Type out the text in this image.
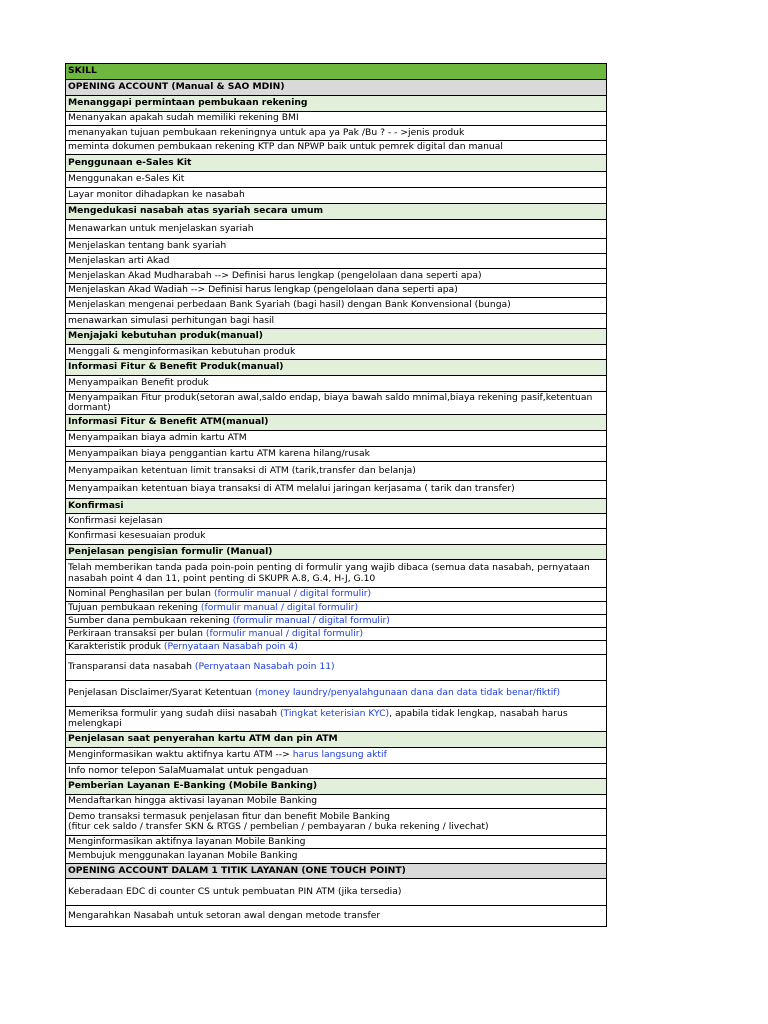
SKILL
OPENING ACCOUNT (Manual & SAO MDIN)
Menanggapi permintaan pembukaan rekening
Menanyakan apakah sudah memiliki rekening BMI
menanyakan tujuan pembukaan rekeningnya untuk apa ya Pak /Bu ? - - >jenis produk
meminta dokumen pembukaan rekening KTP dan NPWP baik untuk pemrek digital dan manual
Penggunaan e-Sales Kit
Menggunakan e-Sales Kit
Layar monitor dihadapkan ke nasabah
Mengedukasi nasabah atas syariah secara umum
Menawarkan untuk menjelaskan syariah
Menjelaskan tentang bank syariah
Menjelaskan arti Akad
Menjelaskan Akad Mudharabah --> Definisi harus lengkap (pengelolaan dana seperti apa)
Menjelaskan Akad Wadiah --> Definisi harus lengkap (pengelolaan dana seperti apa)
Menjelaskan mengenai perbedaan Bank Syariah (bagi hasil) dengan Bank Konvensional (bunga)
menawarkan simulasi perhitungan bagi hasil
Menjajaki kebutuhan produk(manual)
Menggali & menginformasikan kebutuhan produk
Informasi Fitur & Benefit Produk(manual)
Menyampaikan Benefit produk
Menyampaikan Fitur produk(setoran awal,saldo endap, biaya bawah saldo mnimal,biaya rekening pasif,ketentuan dormant)
Informasi Fitur & Benefit ATM(manual)
Menyampaikan biaya admin kartu ATM
Menyampaikan biaya penggantian kartu ATM karena hilang/rusak
Menyampaikan ketentuan limit transaksi di ATM (tarik,transfer dan belanja)
Menyampaikan ketentuan biaya transaksi di ATM melalui jaringan kerjasama ( tarik dan transfer)
Konfirmasi
Konfirmasi kejelasan
Konfirmasi kesesuaian produk
Penjelasan pengisian formulir (Manual)
Telah memberikan tanda pada poin-poin penting di formulir yang wajib dibaca (semua data nasabah, pernyataan nasabah point 4 dan 11, point penting di SKUPR A.8, G.4, H-J, G.10
Nominal Penghasilan per bulan (formulir manual / digital formulir)
Tujuan pembukaan rekening (formulir manual / digital formulir)
Sumber dana pembukaan rekening (formulir manual / digital formulir)
Perkiraan transaksi per bulan (formulir manual / digital formulir)
Karakteristik produk (Pernyataan Nasabah poin 4)
Transparansi data nasabah (Pernyataan Nasabah poin 11)
Penjelasan Disclaimer/Syarat Ketentuan (money laundry/penyalahgunaan dana dan data tidak benar/fiktif)
Memeriksa formulir yang sudah diisi nasabah (Tingkat keterisian KYC), apabila tidak lengkap, nasabah harus melengkapi
Penjelasan saat penyerahan kartu ATM dan pin ATM
Menginformasikan waktu aktifnya kartu ATM --> harus langsung aktif
Info nomor telepon SalaMuamalat untuk pengaduan
Pemberian Layanan E-Banking (Mobile Banking)
Mendaftarkan hingga aktivasi layanan Mobile Banking
Demo transaksi termasuk penjelasan fitur dan benefit Mobile Banking
(fitur cek saldo / transfer SKN & RTGS / pembelian / pembayaran / buka rekening / livechat)
Menginformasikan aktifnya layanan Mobile Banking
Membujuk menggunakan layanan Mobile Banking
OPENING ACCOUNT DALAM 1 TITIK LAYANAN (ONE TOUCH POINT)
Keberadaan EDC di counter CS untuk pembuatan PIN ATM (jika tersedia)
Mengarahkan Nasabah untuk setoran awal dengan metode transfer
